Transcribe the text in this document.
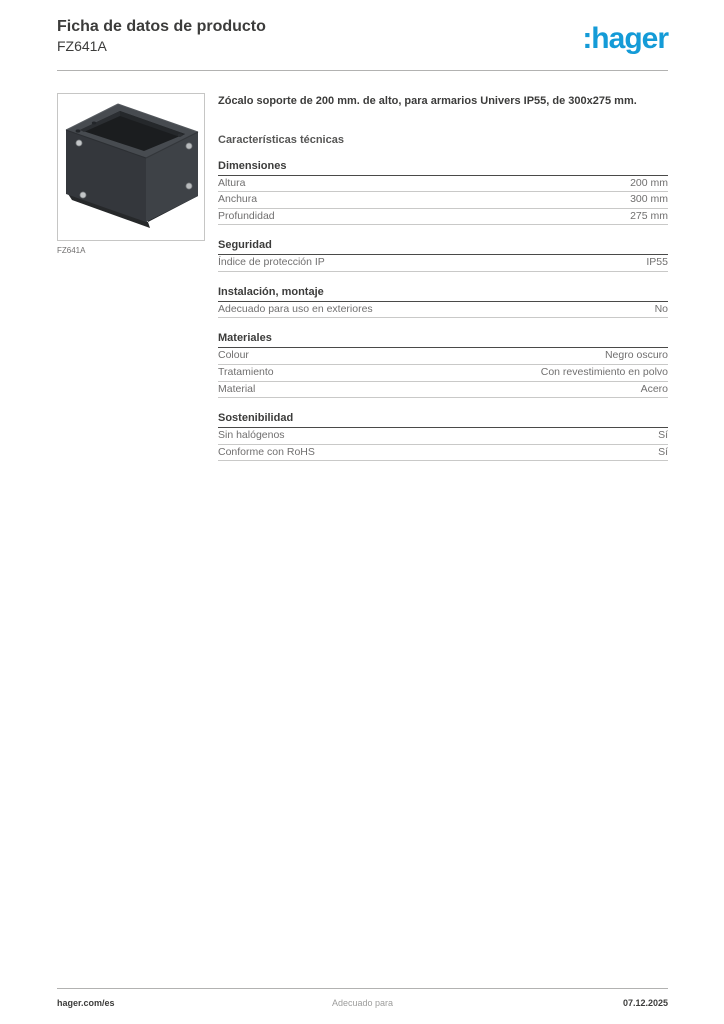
Ficha de datos de producto
FZ641A	:hager
FZ641A
Zócalo soporte de 200 mm. de alto, para armarios Univers IP55, de 300x275 mm.
Características técnicas
Dimensiones
Altura	200 mm
Anchura	300 mm
Profundidad	275 mm
Seguridad
Índice de protección IP	IP55
Instalación, montaje
Adecuado para uso en exteriores	No
Materiales
Colour	Negro oscuro
Tratamiento	Con revestimiento en polvo
Material	Acero
Sostenibilidad
Sin halógenos	Sí
Conforme con RoHS	Sí
hager.com/es	Adecuado para	07.12.2025
